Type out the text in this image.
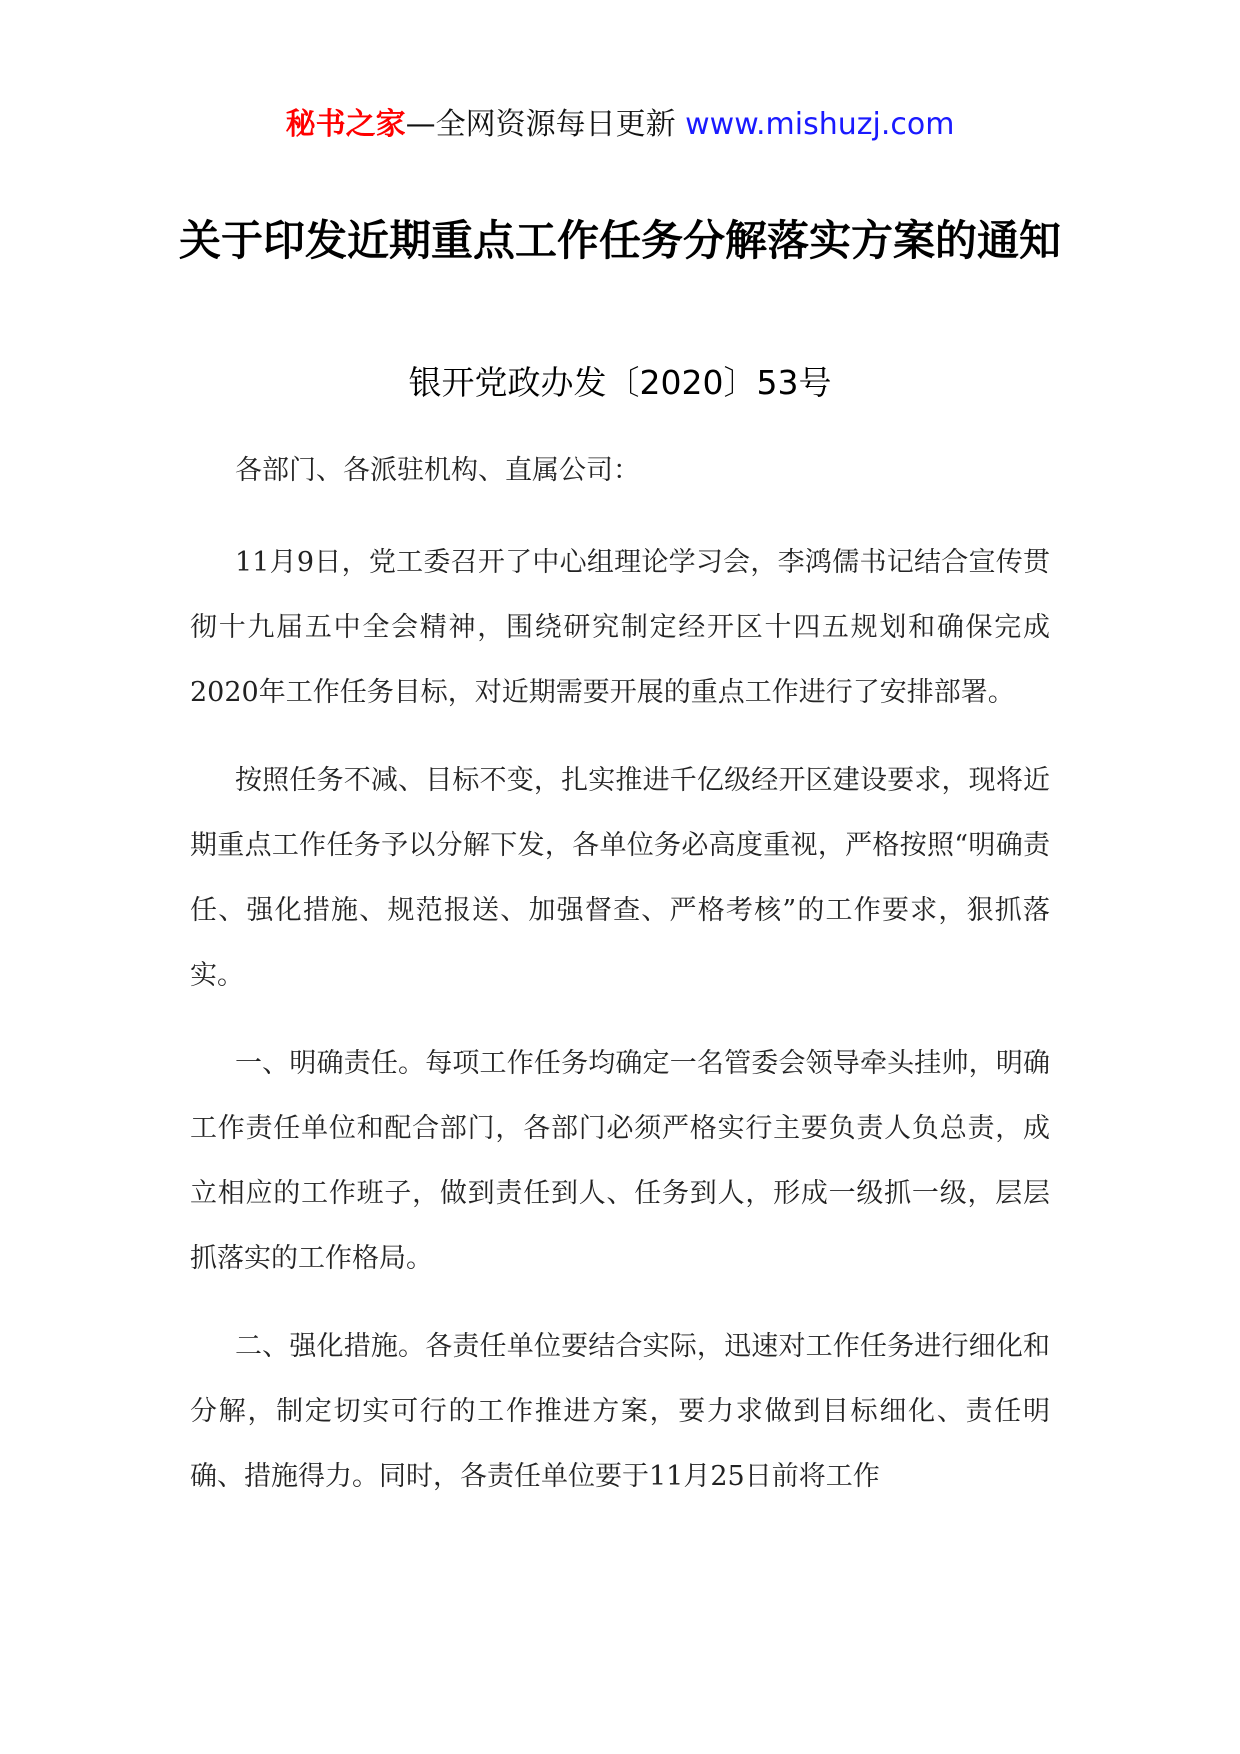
秘书之家—全网资源每日更新 www.mishuzj.com
关于印发近期重点工作任务分解落实方案的通知

银开党政办发〔2020〕53号

各部门、各派驻机构、直属公司：

11月9日，党工委召开了中心组理论学习会，李鸿儒书记结合宣传贯彻十九届五中全会精神，围绕研究制定经开区十四五规划和确保完成2020年工作任务目标，对近期需要开展的重点工作进行了安排部署。

按照任务不减、目标不变，扎实推进千亿级经开区建设要求，现将近期重点工作任务予以分解下发，各单位务必高度重视，严格按照“明确责任、强化措施、规范报送、加强督查、严格考核”的工作要求，狠抓落实。

一、明确责任。每项工作任务均确定一名管委会领导牵头挂帅，明确工作责任单位和配合部门，各部门必须严格实行主要负责人负总责，成立相应的工作班子，做到责任到人、任务到人，形成一级抓一级，层层抓落实的工作格局。

二、强化措施。各责任单位要结合实际，迅速对工作任务进行细化和分解，制定切实可行的工作推进方案，要力求做到目标细化、责任明确、措施得力。同时，各责任单位要于11月25日前将工作
